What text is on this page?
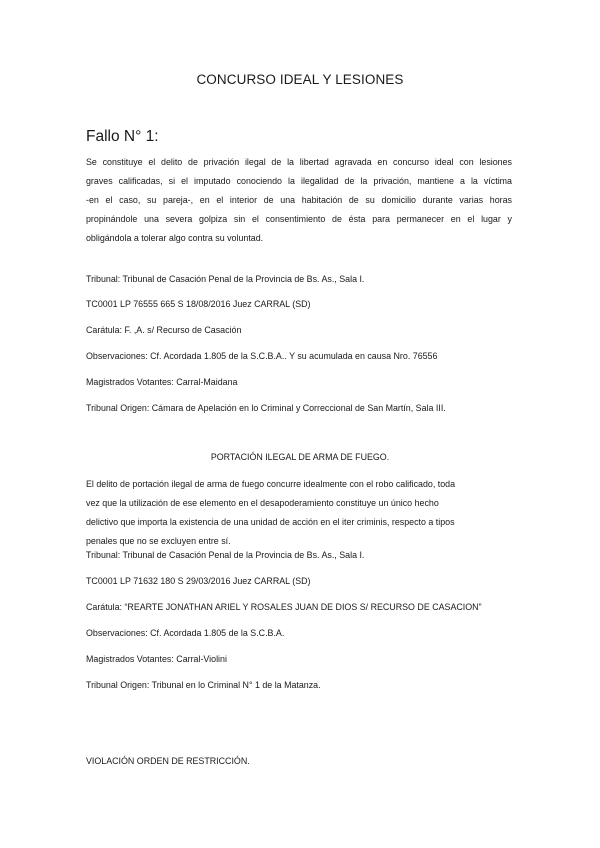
CONCURSO IDEAL Y LESIONES
Fallo N° 1:
Se constituye el delito de privación ilegal de la libertad agravada en concurso ideal con lesiones
graves calificadas, si el imputado conociendo la ilegalidad de la privación, mantiene a la víctima
-en el caso, su pareja-, en el interior de una habitación de su domicilio durante varias horas
propinándole una severa golpiza sin el consentimiento de ésta para permanecer en el lugar y
obligándola a tolerar algo contra su voluntad.
Tribunal: Tribunal de Casación Penal de la Provincia de Bs. As., Sala I.
TC0001 LP 76555 665 S 18/08/2016 Juez CARRAL (SD)
Carátula: F. ,A. s/ Recurso de Casación
Observaciones: Cf. Acordada 1.805 de la S.C.B.A.. Y su acumulada en causa Nro. 76556
Magistrados Votantes: Carral-Maidana
Tribunal Origen: Cámara de Apelación en lo Criminal y Correccional de San Martín, Sala III.
PORTACIÓN ILEGAL DE ARMA DE FUEGO.
El delito de portación ilegal de arma de fuego concurre idealmente con el robo calificado, toda
vez que la utilización de ese elemento en el desapoderamiento constituye un único hecho
delictivo que importa la existencia de una unidad de acción en el iter criminis, respecto a tipos
penales que no se excluyen entre sí.
Tribunal: Tribunal de Casación Penal de la Provincia de Bs. As., Sala I.
TC0001 LP 71632 180 S 29/03/2016 Juez CARRAL (SD)
Carátula: “REARTE JONATHAN ARIEL Y ROSALES JUAN DE DIOS S/ RECURSO DE CASACION”
Observaciones: Cf. Acordada 1.805 de la S.C.B.A.
Magistrados Votantes: Carral-Violini
Tribunal Origen: Tribunal en lo Criminal N° 1 de la Matanza.
VIOLACIÓN ORDEN DE RESTRICCIÓN.
